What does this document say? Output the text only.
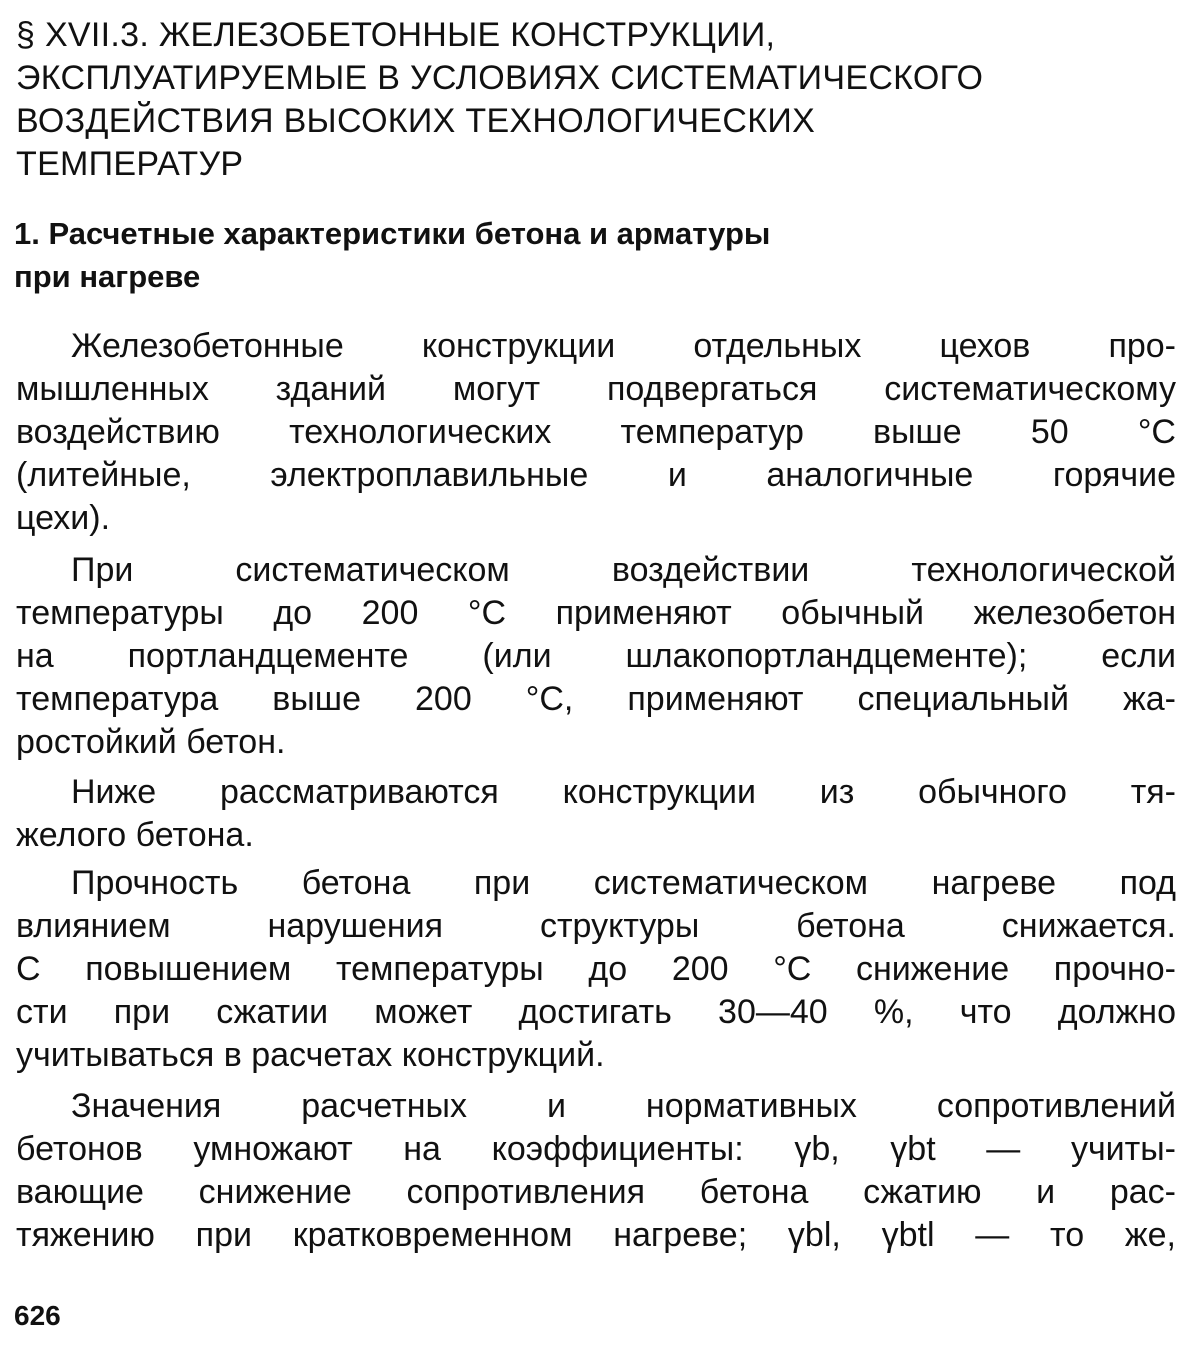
§ XVII.3. ЖЕЛЕЗОБЕТОННЫЕ КОНСТРУКЦИИ,
ЭКСПЛУАТИРУЕМЫЕ В УСЛОВИЯХ СИСТЕМАТИЧЕСКОГО
ВОЗДЕЙСТВИЯ ВЫСОКИХ ТЕХНОЛОГИЧЕСКИХ
ТЕМПЕРАТУР
1. Расчетные характеристики бетона и арматуры
при нагреве

Железобетонные конструкции отдельных цехов про-
мышленных зданий могут подвергаться систематическому
воздействию технологических температур выше 50 °C
(литейные, электроплавильные и аналогичные горячие
цехи).

При систематическом воздействии технологической
температуры до 200 °C применяют обычный железобетон
на портландцементе (или шлакопортландцементе); если
температура выше 200 °C, применяют специальный жа-
ростойкий бетон.

Ниже рассматриваются конструкции из обычного тя-
желого бетона.

Прочность бетона при систематическом нагреве под
влиянием нарушения структуры бетона снижается.
С повышением температуры до 200 °C снижение прочно-
сти при сжатии может достигать 30—40 %, что должно
учитываться в расчетах конструкций.

Значения расчетных и нормативных сопротивлений
бетонов умножают на коэффициенты: γb, γbt — учиты-
вающие снижение сопротивления бетона сжатию и рас-
тяжению при кратковременном нагреве; γbl, γbtl — то же,

626
